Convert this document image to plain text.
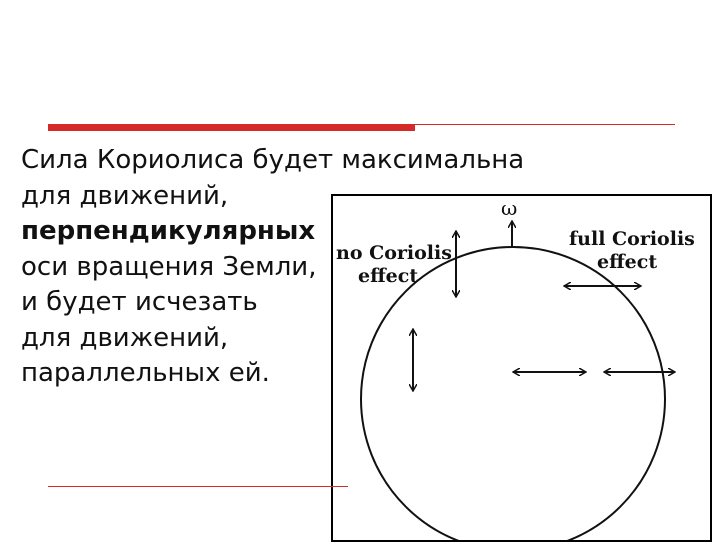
Сила Кориолиса будет максимальна
для движений,
перпендикулярных
оси вращения Земли,
и будет исчезать
для движений,
параллельных ей.
ω
no Coriolis
effect
full Coriolis
effect
